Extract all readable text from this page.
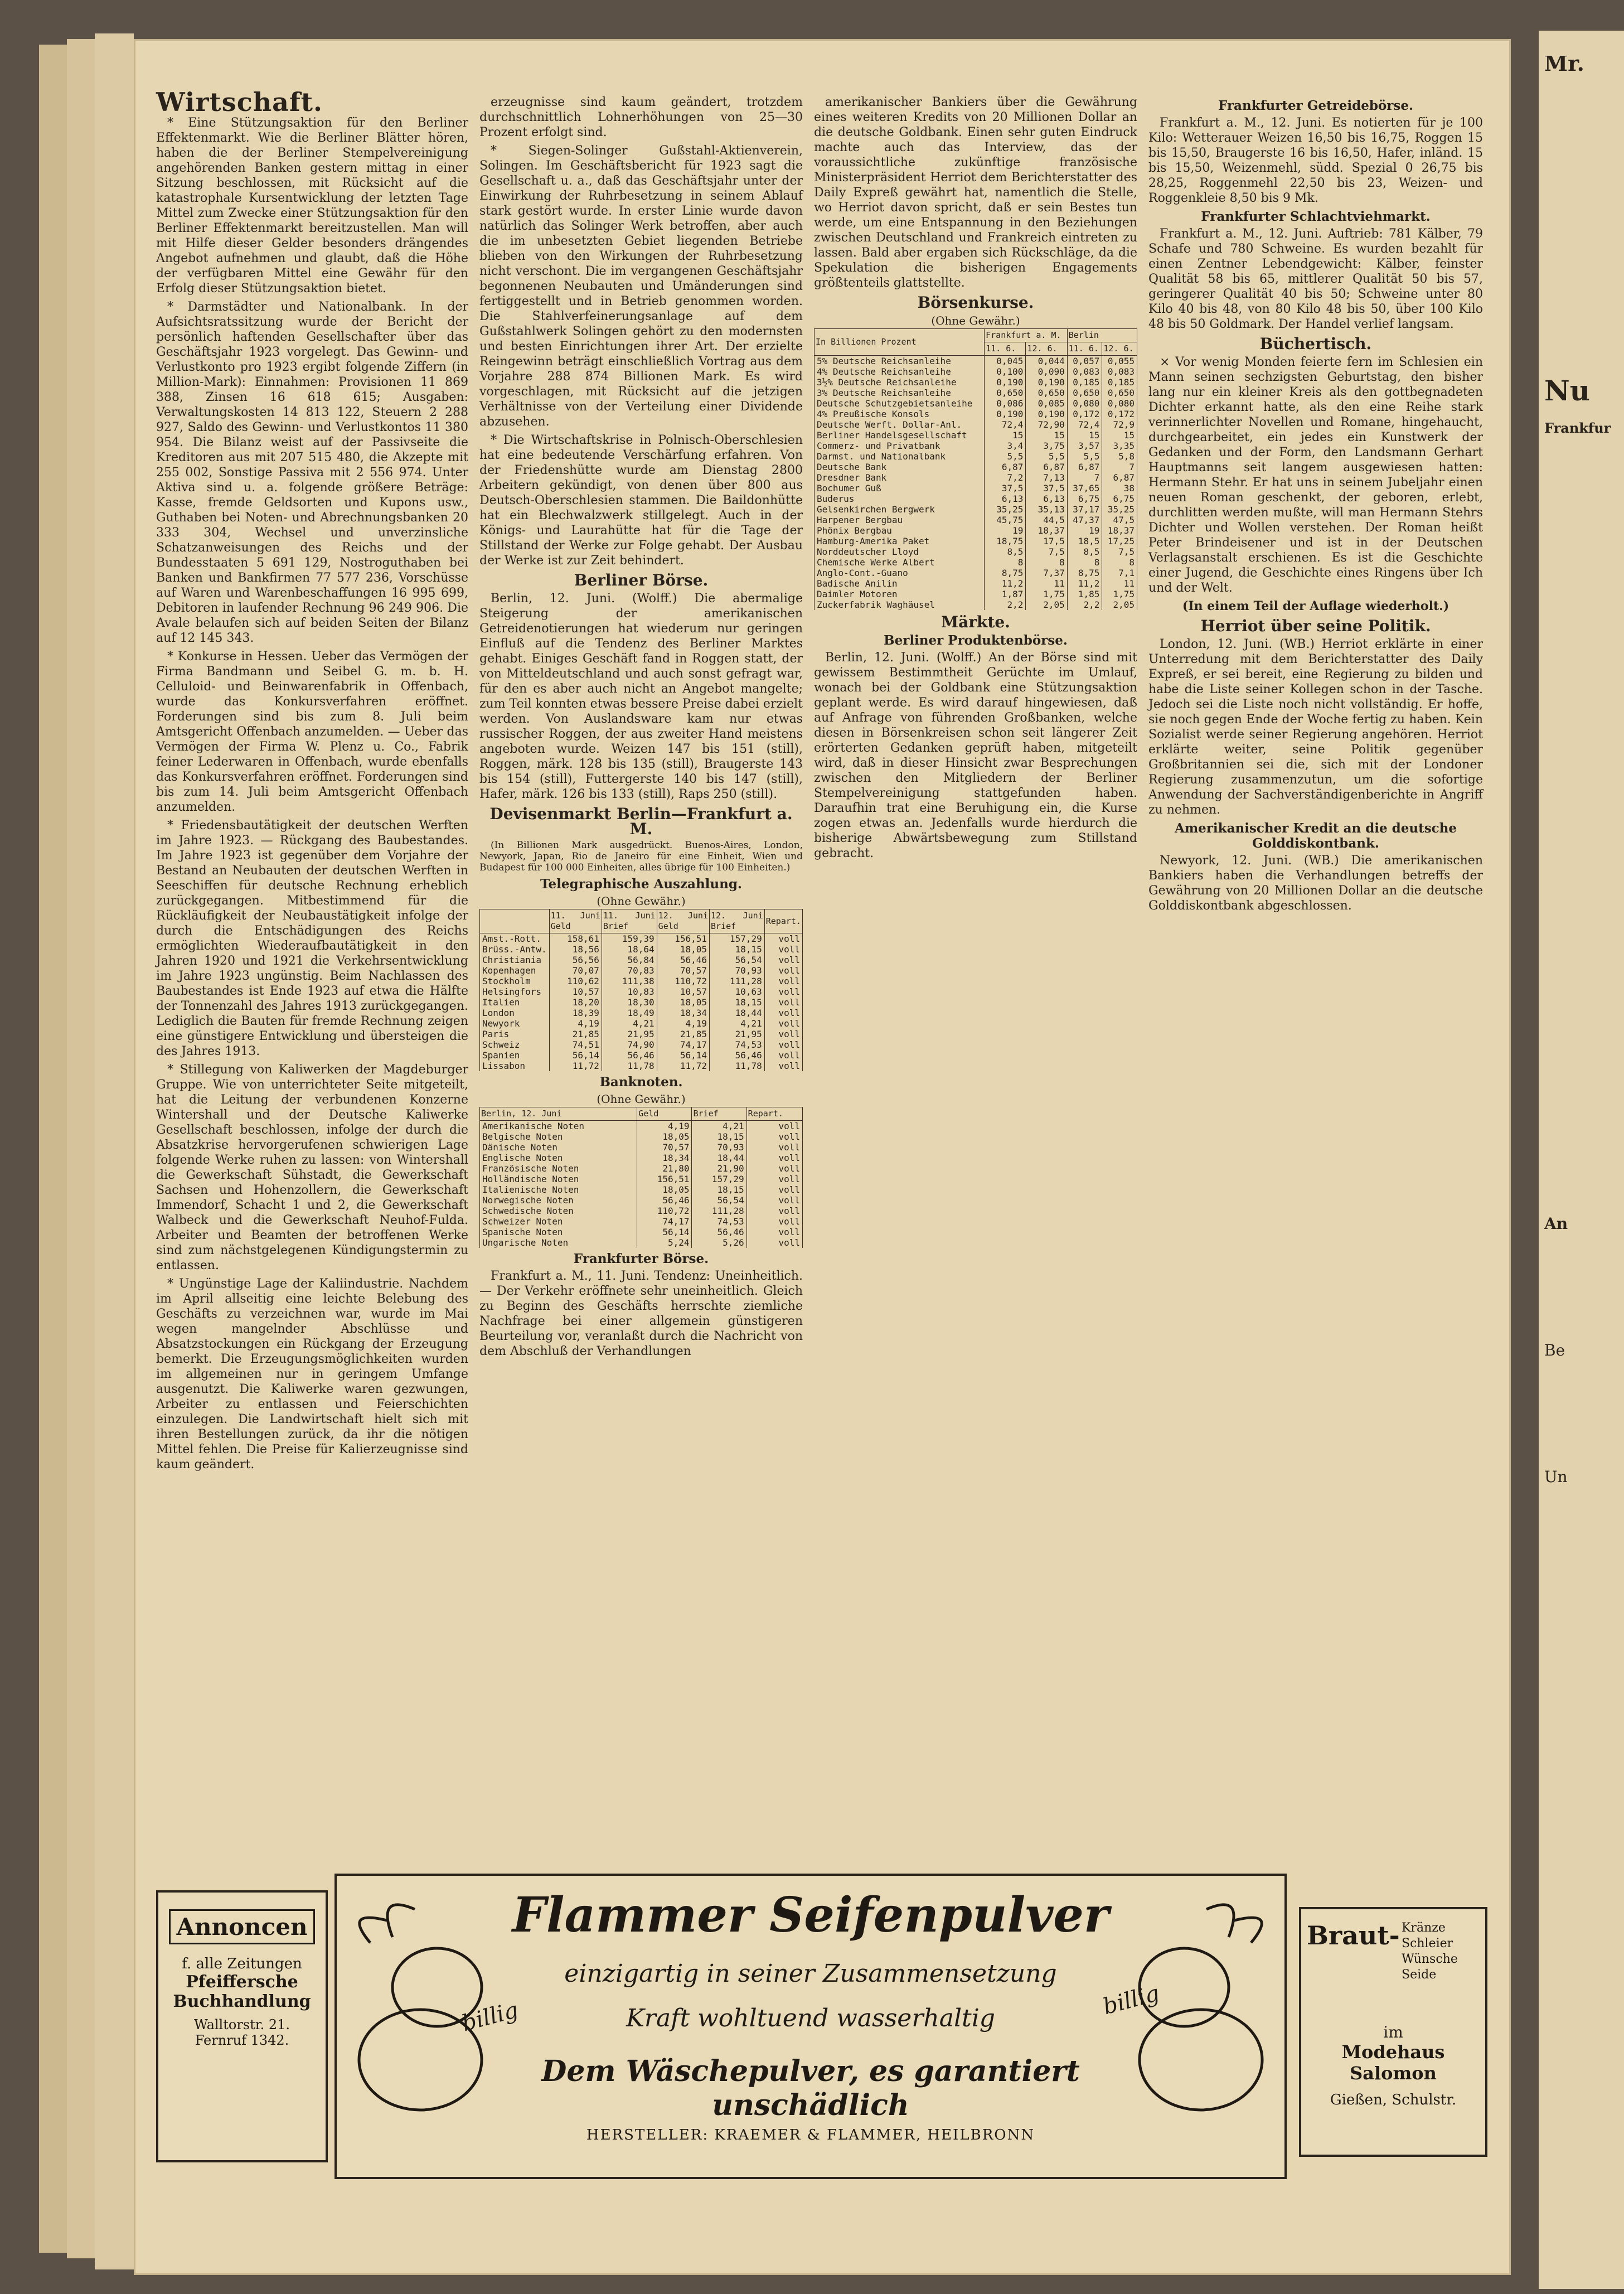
Wirtschaft.

* Eine Stützungsaktion für den Berliner Effektenmarkt. Wie die Berliner Blätter hören, haben die der Berliner Stempelvereinigung angehörenden Banken gestern mittag in einer Sitzung beschlossen, mit Rücksicht auf die katastrophale Kursentwicklung der letzten Tage Mittel zum Zwecke einer Stützungsaktion für den Berliner Effektenmarkt bereitzustellen. Man will mit Hilfe dieser Gelder besonders drängendes Angebot aufnehmen und glaubt, daß die Höhe der verfügbaren Mittel eine Gewähr für den Erfolg dieser Stützungsaktion bietet.

* Darmstädter und Nationalbank. In der Aufsichtsratssitzung wurde der Bericht der persönlich haftenden Gesellschafter über das Geschäftsjahr 1923 vorgelegt. Das Gewinn- und Verlustkonto pro 1923 ergibt folgende Ziffern (in Million-Mark): Einnahmen: Provisionen 11 869 388, Zinsen 16 618 615; Ausgaben: Verwaltungskosten 14 813 122, Steuern 2 288 927, Saldo des Gewinn- und Verlustkontos 11 380 954. Die Bilanz weist auf der Passivseite die Kreditoren aus mit 207 515 480, die Akzepte mit 255 002, Sonstige Passiva mit 2 556 974. Unter Aktiva sind u. a. folgende größere Beträge: Kasse, fremde Geldsorten und Kupons usw., Guthaben bei Noten- und Abrechnungsbanken 20 333 304, Wechsel und unverzinsliche Schatzanweisungen des Reichs und der Bundesstaaten 5 691 129, Nostroguthaben bei Banken und Bankfirmen 77 577 236, Vorschüsse auf Waren und Warenbeschaffungen 16 995 699, Debitoren in laufender Rechnung 96 249 906. Die Avale belaufen sich auf beiden Seiten der Bilanz auf 12 145 343.

* Konkurse in Hessen. Ueber das Vermögen der Firma Bandmann und Seibel G. m. b. H. Celluloid- und Beinwarenfabrik in Offenbach, wurde das Konkursverfahren eröffnet. Forderungen sind bis zum 8. Juli beim Amtsgericht Offenbach anzumelden. — Ueber das Vermögen der Firma W. Plenz u. Co., Fabrik feiner Lederwaren in Offenbach, wurde ebenfalls das Konkursverfahren eröffnet. Forderungen sind bis zum 14. Juli beim Amtsgericht Offenbach anzumelden.

* Friedensbautätigkeit der deutschen Werften im Jahre 1923. — Rückgang des Baubestandes. Im Jahre 1923 ist gegenüber dem Vorjahre der Bestand an Neubauten der deutschen Werften in Seeschiffen für deutsche Rechnung erheblich zurückgegangen. Mitbestimmend für die Rückläufigkeit der Neubaustätigkeit infolge der durch die Entschädigungen des Reichs ermöglichten Wiederaufbautätigkeit in den Jahren 1920 und 1921 die Verkehrsentwicklung im Jahre 1923 ungünstig. Beim Nachlassen des Baubestandes ist Ende 1923 auf etwa die Hälfte der Tonnenzahl des Jahres 1913 zurückgegangen. Lediglich die Bauten für fremde Rechnung zeigen eine günstigere Entwicklung und übersteigen die des Jahres 1913.

* Stillegung von Kaliwerken der Magdeburger Gruppe. Wie von unterrichteter Seite mitgeteilt, hat die Leitung der verbundenen Konzerne Wintershall und der Deutsche Kaliwerke Gesellschaft beschlossen, infolge der durch die Absatzkrise hervorgerufenen schwierigen Lage folgende Werke ruhen zu lassen: von Wintershall die Gewerkschaft Sühstadt, die Gewerkschaft Sachsen und Hohenzollern, die Gewerkschaft Immendorf, Schacht 1 und 2, die Gewerkschaft Walbeck und die Gewerkschaft Neuhof-Fulda. Arbeiter und Beamten der betroffenen Werke sind zum nächstgelegenen Kündigungstermin zu entlassen.

* Ungünstige Lage der Kaliindustrie. Nachdem im April allseitig eine leichte Belebung des Geschäfts zu verzeichnen war, wurde im Mai wegen mangelnder Abschlüsse und Absatzstockungen ein Rückgang der Erzeugung bemerkt. Die Erzeugungsmöglichkeiten wurden im allgemeinen nur in geringem Umfange ausgenutzt. Die Kaliwerke waren gezwungen, Arbeiter zu entlassen und Feierschichten einzulegen. Die Landwirtschaft hielt sich mit ihren Bestellungen zurück, da ihr die nötigen Mittel fehlen. Die Preise für Kalierzeugnisse sind kaum geändert.

erzeugnisse sind kaum geändert, trotzdem durchschnittlich Lohnerhöhungen von 25—30 Prozent erfolgt sind.

* Siegen-Solinger Gußstahl-Aktienverein, Solingen. Im Geschäftsbericht für 1923 sagt die Gesellschaft u. a., daß das Geschäftsjahr unter der Einwirkung der Ruhrbesetzung in seinem Ablauf stark gestört wurde. In erster Linie wurde davon natürlich das Solinger Werk betroffen, aber auch die im unbesetzten Gebiet liegenden Betriebe blieben von den Wirkungen der Ruhrbesetzung nicht verschont. Die im vergangenen Geschäftsjahr begonnenen Neubauten und Umänderungen sind fertiggestellt und in Betrieb genommen worden. Die Stahlverfeinerungsanlage auf dem Gußstahlwerk Solingen gehört zu den modernsten und besten Einrichtungen ihrer Art. Der erzielte Reingewinn beträgt einschließlich Vortrag aus dem Vorjahre 288 874 Billionen Mark. Es wird vorgeschlagen, mit Rücksicht auf die jetzigen Verhältnisse von der Verteilung einer Dividende abzusehen.

* Die Wirtschaftskrise in Polnisch-Oberschlesien hat eine bedeutende Verschärfung erfahren. Von der Friedenshütte wurde am Dienstag 2800 Arbeitern gekündigt, von denen über 800 aus Deutsch-Oberschlesien stammen. Die Baildonhütte hat ein Blechwalzwerk stillgelegt. Auch in der Königs- und Laurahütte hat für die Tage der Stillstand der Werke zur Folge gehabt. Der Ausbau der Werke ist zur Zeit behindert.

Berliner Börse.

Berlin, 12. Juni. (Wolff.) Die abermalige Steigerung der amerikanischen Getreidenotierungen hat wiederum nur geringen Einfluß auf die Tendenz des Berliner Marktes gehabt. Einiges Geschäft fand in Roggen statt, der von Mitteldeutschland und auch sonst gefragt war, für den es aber auch nicht an Angebot mangelte; zum Teil konnten etwas bessere Preise dabei erzielt werden. Von Auslandsware kam nur etwas russischer Roggen, der aus zweiter Hand meistens angeboten wurde. Weizen 147 bis 151 (still), Roggen, märk. 128 bis 135 (still), Braugerste 143 bis 154 (still), Futtergerste 140 bis 147 (still), Hafer, märk. 126 bis 133 (still), Raps 250 (still).

Devisenmarkt Berlin—Frankfurt a. M.

(In Billionen Mark ausgedrückt. Buenos-Aires, London, Newyork, Japan, Rio de Janeiro für eine Einheit, Wien und Budapest für 100 000 Einheiten, alles übrige für 100 Einheiten.)

Telegraphische Auszahlung.
(Ohne Gewähr.)
	11. Juni Geld	11. Juni Brief	12. Juni Geld	12. Juni Brief	Repart.
Amst.-Rott.	158,61	159,39	156,51	157,29	voll
Brüss.-Antw.	18,56	18,64	18,05	18,15	voll
Christiania	56,56	56,84	56,46	56,54	voll
Kopenhagen	70,07	70,83	70,57	70,93	voll
Stockholm	110,62	111,38	110,72	111,28	voll
Helsingfors	10,57	10,83	10,57	10,63	voll
Italien	18,20	18,30	18,05	18,15	voll
London	18,39	18,49	18,34	18,44	voll
Newyork	4,19	4,21	4,19	4,21	voll
Paris	21,85	21,95	21,85	21,95	voll
Schweiz	74,51	74,90	74,17	74,53	voll
Spanien	56,14	56,46	56,14	56,46	voll
Lissabon	11,72	11,78	11,72	11,78	voll
Banknoten.
(Ohne Gewähr.)
Berlin, 12. Juni	Geld	Brief	Repart.
Amerikanische Noten	4,19	4,21	voll
Belgische Noten	18,05	18,15	voll
Dänische Noten	70,57	70,93	voll
Englische Noten	18,34	18,44	voll
Französische Noten	21,80	21,90	voll
Holländische Noten	156,51	157,29	voll
Italienische Noten	18,05	18,15	voll
Norwegische Noten	56,46	56,54	voll
Schwedische Noten	110,72	111,28	voll
Schweizer Noten	74,17	74,53	voll
Spanische Noten	56,14	56,46	voll
Ungarische Noten	5,24	5,26	voll
Frankfurter Börse.

Frankfurt a. M., 11. Juni. Tendenz: Uneinheitlich. — Der Verkehr eröffnete sehr uneinheitlich. Gleich zu Beginn des Geschäfts herrschte ziemliche Nachfrage bei einer allgemein günstigeren Beurteilung vor, veranlaßt durch die Nachricht von dem Abschluß der Verhandlungen

amerikanischer Bankiers über die Gewährung eines weiteren Kredits von 20 Millionen Dollar an die deutsche Goldbank. Einen sehr guten Eindruck machte auch das Interview, das der voraussichtliche zukünftige französische Ministerpräsident Herriot dem Berichterstatter des Daily Expreß gewährt hat, namentlich die Stelle, wo Herriot davon spricht, daß er sein Bestes tun werde, um eine Entspannung in den Beziehungen zwischen Deutschland und Frankreich eintreten zu lassen. Bald aber ergaben sich Rückschläge, da die Spekulation die bisherigen Engagements größtenteils glattstellte.

Börsenkurse.
(Ohne Gewähr.)
In Billionen Prozent	Frankfurt a. M.		Berlin	
	11. 6.	12. 6.	11. 6.	12. 6.
5% Deutsche Reichsanleihe	0,045	0,044	0,057	0,055
4% Deutsche Reichsanleihe	0,100	0,090	0,083	0,083
3½% Deutsche Reichsanleihe	0,190	0,190	0,185	0,185
3% Deutsche Reichsanleihe	0,650	0,650	0,650	0,650
Deutsche Schutzgebietsanleihe	0,086	0,085	0,080	0,080
4% Preußische Konsols	0,190	0,190	0,172	0,172
Deutsche Werft. Dollar-Anl.	72,4	72,90	72,4	72,9
Berliner Handelsgesellschaft	15	15	15	15
Commerz- und Privatbank	3,4	3,75	3,57	3,35
Darmst. und Nationalbank	5,5	5,5	5,5	5,8
Deutsche Bank	6,87	6,87	6,87	7
Dresdner Bank	7,2	7,13	7	6,87
Bochumer Guß	37,5	37,5	37,65	38
Buderus	6,13	6,13	6,75	6,75
Gelsenkirchen Bergwerk	35,25	35,13	37,17	35,25
Harpener Bergbau	45,75	44,5	47,37	47,5
Phönix Bergbau	19	18,37	19	18,37
Hamburg-Amerika Paket	18,75	17,5	18,5	17,25
Norddeutscher Lloyd	8,5	7,5	8,5	7,5
Chemische Werke Albert	8	8	8	8
Anglo-Cont.-Guano	8,75	7,37	8,75	7,1
Badische Anilin	11,2	11	11,2	11
Daimler Motoren	1,87	1,75	1,85	1,75
Zuckerfabrik Waghäusel	2,2	2,05	2,2	2,05
Märkte.
Berliner Produktenbörse.

Berlin, 12. Juni. (Wolff.) An der Börse sind mit gewissem Bestimmtheit Gerüchte im Umlauf, wonach bei der Goldbank eine Stützungsaktion geplant werde. Es wird darauf hingewiesen, daß auf Anfrage von führenden Großbanken, welche diesen in Börsenkreisen schon seit längerer Zeit erörterten Gedanken geprüft haben, mitgeteilt wird, daß in dieser Hinsicht zwar Besprechungen zwischen den Mitgliedern der Berliner Stempelvereinigung stattgefunden haben. Daraufhin trat eine Beruhigung ein, die Kurse zogen etwas an. Jedenfalls wurde hierdurch die bisherige Abwärtsbewegung zum Stillstand gebracht.

Frankfurter Getreidebörse.

Frankfurt a. M., 12. Juni. Es notierten für je 100 Kilo: Wetterauer Weizen 16,50 bis 16,75, Roggen 15 bis 15,50, Braugerste 16 bis 16,50, Hafer, inländ. 15 bis 15,50, Weizenmehl, südd. Spezial 0 26,75 bis 28,25, Roggenmehl 22,50 bis 23, Weizen- und Roggenkleie 8,50 bis 9 Mk.

Frankfurter Schlachtviehmarkt.

Frankfurt a. M., 12. Juni. Auftrieb: 781 Kälber, 79 Schafe und 780 Schweine. Es wurden bezahlt für einen Zentner Lebendgewicht: Kälber, feinster Qualität 58 bis 65, mittlerer Qualität 50 bis 57, geringerer Qualität 40 bis 50; Schweine unter 80 Kilo 40 bis 48, von 80 Kilo 48 bis 50, über 100 Kilo 48 bis 50 Goldmark. Der Handel verlief langsam.

Büchertisch.

× Vor wenig Monden feierte fern im Schlesien ein Mann seinen sechzigsten Geburtstag, den bisher lang nur ein kleiner Kreis als den gottbegnadeten Dichter erkannt hatte, als den eine Reihe stark verinnerlichter Novellen und Romane, hingehaucht, durchgearbeitet, ein jedes ein Kunstwerk der Gedanken und der Form, den Landsmann Gerhart Hauptmanns seit langem ausgewiesen hatten: Hermann Stehr. Er hat uns in seinem Jubeljahr einen neuen Roman geschenkt, der geboren, erlebt, durchlitten werden mußte, will man Hermann Stehrs Dichter und Wollen verstehen. Der Roman heißt Peter Brindeisener und ist in der Deutschen Verlagsanstalt erschienen. Es ist die Geschichte einer Jugend, die Geschichte eines Ringens über Ich und der Welt.

(In einem Teil der Auflage wiederholt.)
Herriot über seine Politik.

London, 12. Juni. (WB.) Herriot erklärte in einer Unterredung mit dem Berichterstatter des Daily Expreß, er sei bereit, eine Regierung zu bilden und habe die Liste seiner Kollegen schon in der Tasche. Jedoch sei die Liste noch nicht vollständig. Er hoffe, sie noch gegen Ende der Woche fertig zu haben. Kein Sozialist werde seiner Regierung angehören. Herriot erklärte weiter, seine Politik gegenüber Großbritannien sei die, sich mit der Londoner Regierung zusammenzutun, um die sofortige Anwendung der Sachverständigenberichte in Angriff zu nehmen.

Amerikanischer Kredit an die deutsche Golddiskontbank.

Newyork, 12. Juni. (WB.) Die amerikanischen Bankiers haben die Verhandlungen betreffs der Gewährung von 20 Millionen Dollar an die deutsche Golddiskontbank abgeschlossen.

Annoncen
f. alle Zeitungen
Pfeiffersche
Buchhandlung
Walltorstr. 21.
Fernruf 1342.
Flammer Seifenpulver
einzigartig in seiner Zusammensetzung
billig	Kraft wohltuend wasserhaltig	billig
Dem Wäschepulver, es garantiert unschädlich
HERSTELLER: KRAEMER & FLAMMER, HEILBRONN
Braut- Kränze
Schleier
Wünsche
Seide
im
Modehaus Salomon
Gießen, Schulstr.
Mr.
Nu
Frankfur
An
Be
Un
